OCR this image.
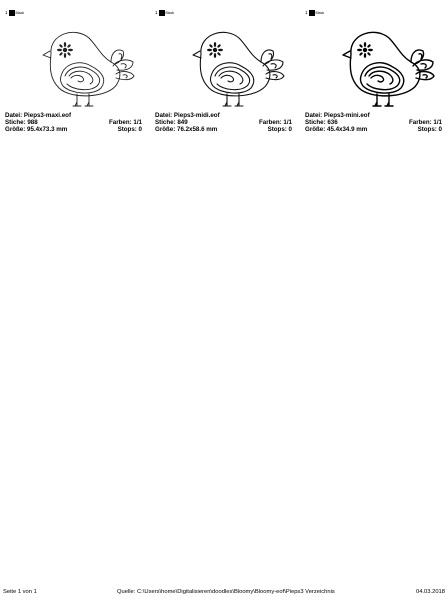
1 Black
Datei: Pieps3-maxi.eof
Stiche: 988	Farben: 1/1
Größe: 95.4x73.3 mm	Stops: 0
1 Black
Datei: Pieps3-midi.eof
Stiche: 849	Farben: 1/1
Größe: 76.2x58.6 mm	Stops: 0
1 Black
Datei: Pieps3-mini.eof
Stiche: 636	Farben: 1/1
Größe: 45.4x34.9 mm	Stops: 0
Seite 1 von 1	Quelle: C:\Users\home\Digitalisieren\doodles\Bloomy\Bloomy-eof\Pieps3 Verzeichnis	04.03.2018
